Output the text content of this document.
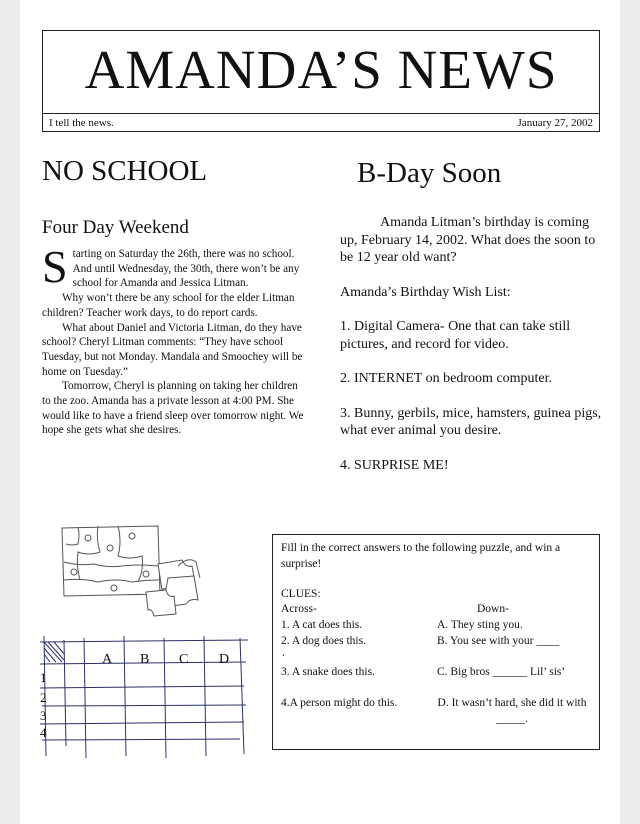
AMANDA’S NEWS
I tell the news.	January 27, 2002
NO SCHOOL
Four Day Weekend

Starting on Saturday the 26th, there was no school. And until Wednesday, the 30th, there won’t be any school for Amanda and Jessica Litman.

Why won’t there be any school for the elder Litman children? Teacher work days, to do report cards.

What about Daniel and Victoria Litman, do they have school? Cheryl Litman comments: “They have school Tuesday, but not Monday. Mandala and Smoochey will be home on Tuesday.”

Tomorrow, Cheryl is planning on taking her children to the zoo. Amanda has a private lesson at 4:00 PM. She would like to have a friend sleep over tomorrow night. We hope she gets what she desires.

B-Day Soon

Amanda Litman’s birthday is coming up, February 14, 2002. What does the soon to be 12 year old want?

Amanda’s Birthday Wish List:

1. Digital Camera- One that can take still pictures, and record for video.

2. INTERNET on bedroom computer.

3. Bunny, gerbils, mice, hamsters, guinea pigs, what ever animal you desire.

4. SURPRISE ME!

A B C D
1
2
3
4
Fill in the correct answers to the following puzzle, and win a surprise!
CLUES:
Across-	Down-
1. A cat does this.
2. A dog does this.
.
3. A snake does this.
4.A person might do this.
A. They sting you.
B. You see with your ____
C. Big bros ______ Lil’ sis’
D. It wasn’t hard, she did it with _____.
